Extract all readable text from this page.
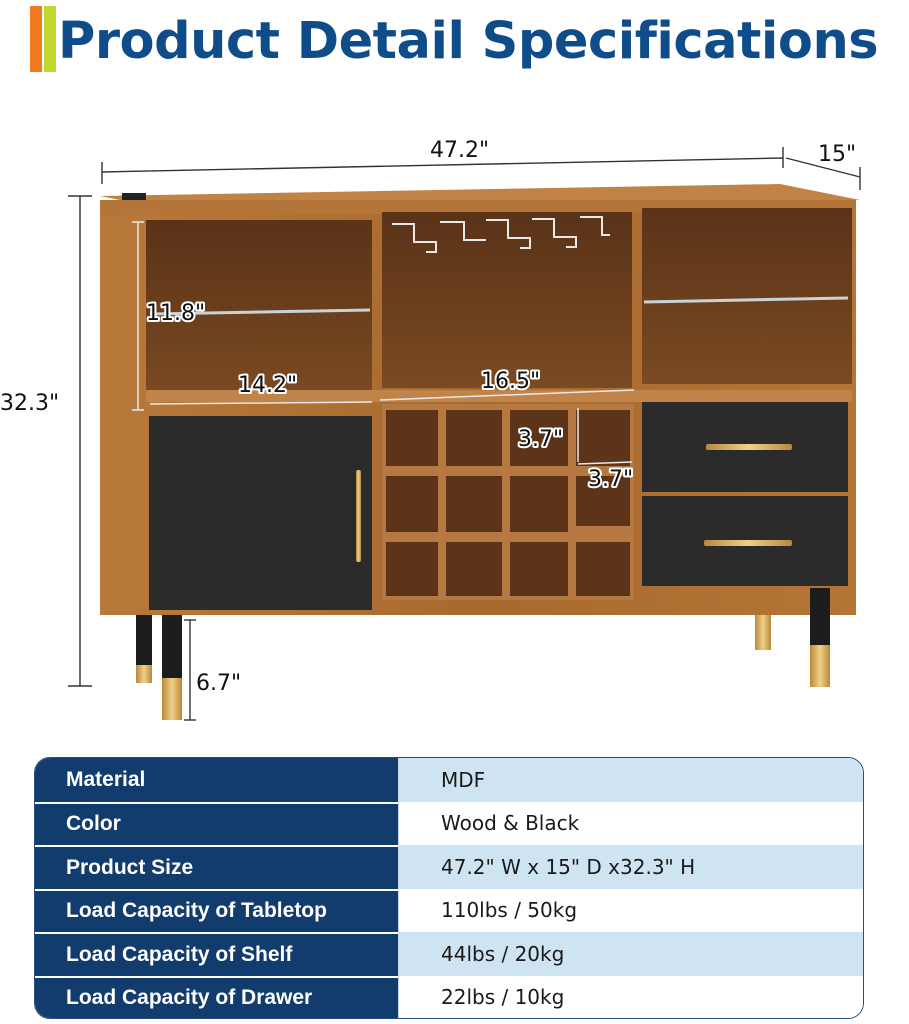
Product Detail Specifications
47.2"	15"
32.3"
11.8"
14.2"	16.5"
3.7"
3.7"
6.7"
Material	MDF
Color	Wood & Black
Product Size	47.2" W x 15" D x32.3" H
Load Capacity of Tabletop	110lbs / 50kg
Load Capacity of Shelf	44lbs / 20kg
Load Capacity of Drawer	22lbs / 10kg
